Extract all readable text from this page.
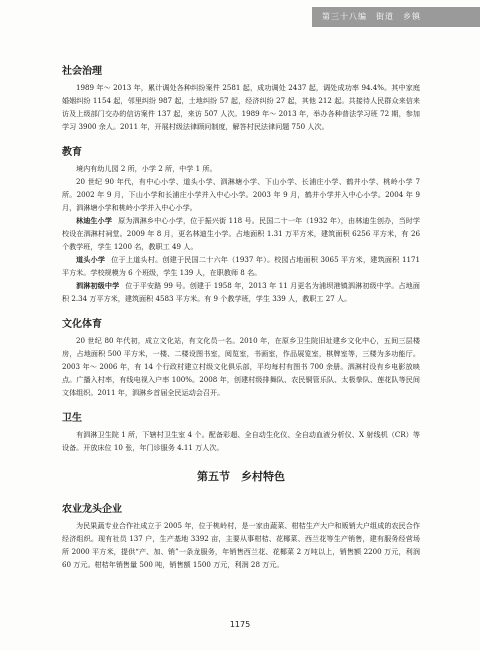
第三十八编　街道　乡镇
社会治理

1989 年～ 2013 年，累计调处各种纠纷案件 2581 起，成功调处 2437 起，调处成功率 94.4%。其中家庭婚姻纠纷 1154 起，邻里纠纷 987 起，土地纠纷 57 起，经济纠纷 27 起，其他 212 起。共接待人民群众来信来访及上级部门交办的信访案件 137 起，来访 507 人次。1989 年～ 2013 年，举办各种普法学习班 72 期，参加学习 3900 余人。2011 年，开展村级法律顾问制度，解答村民法律问题 750 人次。

教育

境内有幼儿园 2 所，小学 2 所，中学 1 所。

20 世纪 90 年代，有中心小学、道头小学、泗淋塘小学、下山小学、长浦庄小学、鹤井小学、桃岭小学 7 所。2002 年 9 月，下山小学和长浦庄小学并入中心小学。2003 年 9 月，鹤井小学并入中心小学。2004 年 9 月，泗淋塘小学和桃岭小学并入中心小学。

林迪生小学 原为泗淋乡中心小学，位于振兴街 118 号。民国二十一年（1932 年），由林迪生创办，当时学校设在泗淋村祠堂。2009 年 8 月，更名林迪生小学。占地面积 1.31 万平方米，建筑面积 6256 平方米，有 26 个教学班，学生 1200 名，教职工 49 人。

道头小学 位于上道头村。创建于民国二十六年（1937 年）。校园占地面积 3065 平方米，建筑面积 1171 平方米。学校规模为 6 个班级，学生 139 人，在职教师 8 名。

泗淋初级中学 位于平安路 99 号。创建于 1958 年，2013 年 11 月更名为浦坝港镇泗淋初级中学。占地面积 2.34 万平方米，建筑面积 4583 平方米。有 9 个教学班，学生 339 人，教职工 27 人。

文化体育

20 世纪 80 年代初，成立文化站，有文化员一名。2010 年，在原乡卫生院旧址建乡文化中心，五间三层楼房，占地面积 500 平方米，一楼、二楼设图书室，阅览室，书画室，作品展览室，棋牌室等，三楼为多功能厅。2003 年～ 2006 年，有 14 个行政村建立村级文化俱乐部，平均每村有图书 700 余册。泗淋村设有乡电影放映点。广播入村率，有线电视入户率 100%。2008 年，创建村级排舞队、农民铜管乐队、太极拳队、莲花队等民间文体组织。2011 年，泗淋乡首届全民运动会召开。

卫生

有泗淋卫生院 1 所，下辖村卫生室 4 个。配备彩超、全自动生化仪、全自动血液分析仪、X 射线机（CR）等设备。开放床位 10 张，年门诊服务 4.11 万人次。

第五节　乡村特色
农业龙头企业

为民果蔬专业合作社成立于 2005 年，位于桃岭村，是一家由蔬菜、柑桔生产大户和贩销大户组成的农民合作经济组织。现有社员 137 户，生产基地 3392 亩，主要从事柑桔、花椰菜、西兰花等生产销售，建有服务经营场所 2000 平方米，提供“产、加、销”一条龙服务，年销售西兰花、花椰菜 2 万吨以上，销售额 2200 万元，利润 60 万元。柑桔年销售量 500 吨，销售额 1500 万元，利润 28 万元。

1175
